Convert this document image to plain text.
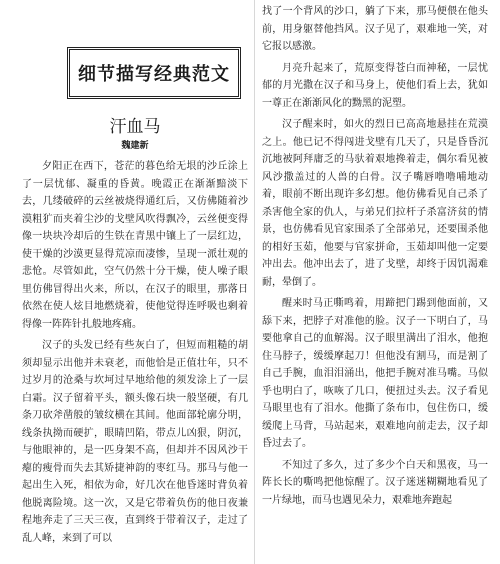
细节描写经典范文
汗血马
魏建新

夕阳正在西下，苍茫的暮色给无垠的沙丘涂上了一层忧郁、凝重的昏黄。晚霞正在渐渐黯淡下去，几缕破碎的云丝被烧得通红后，又仿佛随着沙漠粗犷而夹着尘沙的戈壁风吹得飘冷，云丝便变得像一块块冷却后的生铁在青黑中镶上了一层红边，使干燥的沙漠更显得荒凉而凄惨，呈现一派壮观的悲怆。尽管如此，空气仍然十分干燥，使人噪子眼里仿佛冒得出火来，所以，在汉子的眼里，那落日依然在使人炫目地燃烧着，使他觉得连呼吸也剩着得像一阵阵针扎般地疼痛。

汉子的头发已经有些灰白了，但短而粗糙的胡须却显示出他并未衰老，而他恰是正值壮年，只不过岁月的沧桑与坎坷过早地给他的须发涂上了一层白霜。汉子留着平头，额头像石块一般坚硬，有几条刀砍斧凿般的皱纹横在其间。他面部轮廓分明，线条执拗而硬扩，眼睛凹陷，带点儿凶狠，阴沉，与他眼神的，是一匹身架不高，但却并不因风沙干瘪的瘦骨而失去其矫捷神韵的枣红马。那马与他一起出生入死，相依为命，好几次在他昏迷时背负着他脱离险境。这一次，又是它带着负伤的他日夜兼程地奔走了三天三夜，直到终于带着汉子，走过了乱人峰，来到了可以

找了一个背风的沙口，躺了下来，那马便偎在他头前，用身躯替他挡风。汉子见了，艰难地一笑，对它报以感激。

月亮升起来了，荒原变得苍白而神秘，一层忧郁的月光撒在汉子和马身上，使他们看上去，犹如一尊正在渐渐风化的黝黑的泥塑。

汉子醒来时，如火的烈日已高高地悬挂在荒漠之上。他已记不得闯进戈壁有几天了，只是昏昏沉沉地被阿拜庸乏的马驮着艰地搀着走，偶尔看见被风沙撒盖过的人兽的白骨。汉子嘴唇噜噜哺地动着，眼前不断出现许多幻想。他仿佛看见自己杀了杀害他全家的仇人，与弟兄们拉杆子杀富济贫的情景，也仿佛看见官家围杀了全部弟兄，还要围杀他的相好玉茹，他要与官家拼命，玉茹却叫他一定要冲出去。他冲出去了，进了戈壁，却终于因饥渴难耐，晕倒了。

醒来时马正嘶鸣着，用蹄把门踢到他面前，又舔下来，把脖子对准他的脸。汉子一下明白了，马要他拿自己的血解渴。汉子眼里满出了泪水，他抱住马脖子，缓缓摩起刀！但他没有割马，而是割了自己手腕，血泪泪涌出，他把手腕对准马嘴。马似乎也明白了，咴咴了几口，便扭过头去。汉子看见马眼里也有了泪水。他撕了条布巾，包住伤口，缓缓爬上马背，马站起来，艰难地向前走去，汉子却昏过去了。

不知过了多久，过了多少个白天和黑夜，马一阵长长的嘶鸣把他惊醒了。汉子迷迷糊糊地看见了一片绿地，而马也遇见朵力，艰难地奔跑起
